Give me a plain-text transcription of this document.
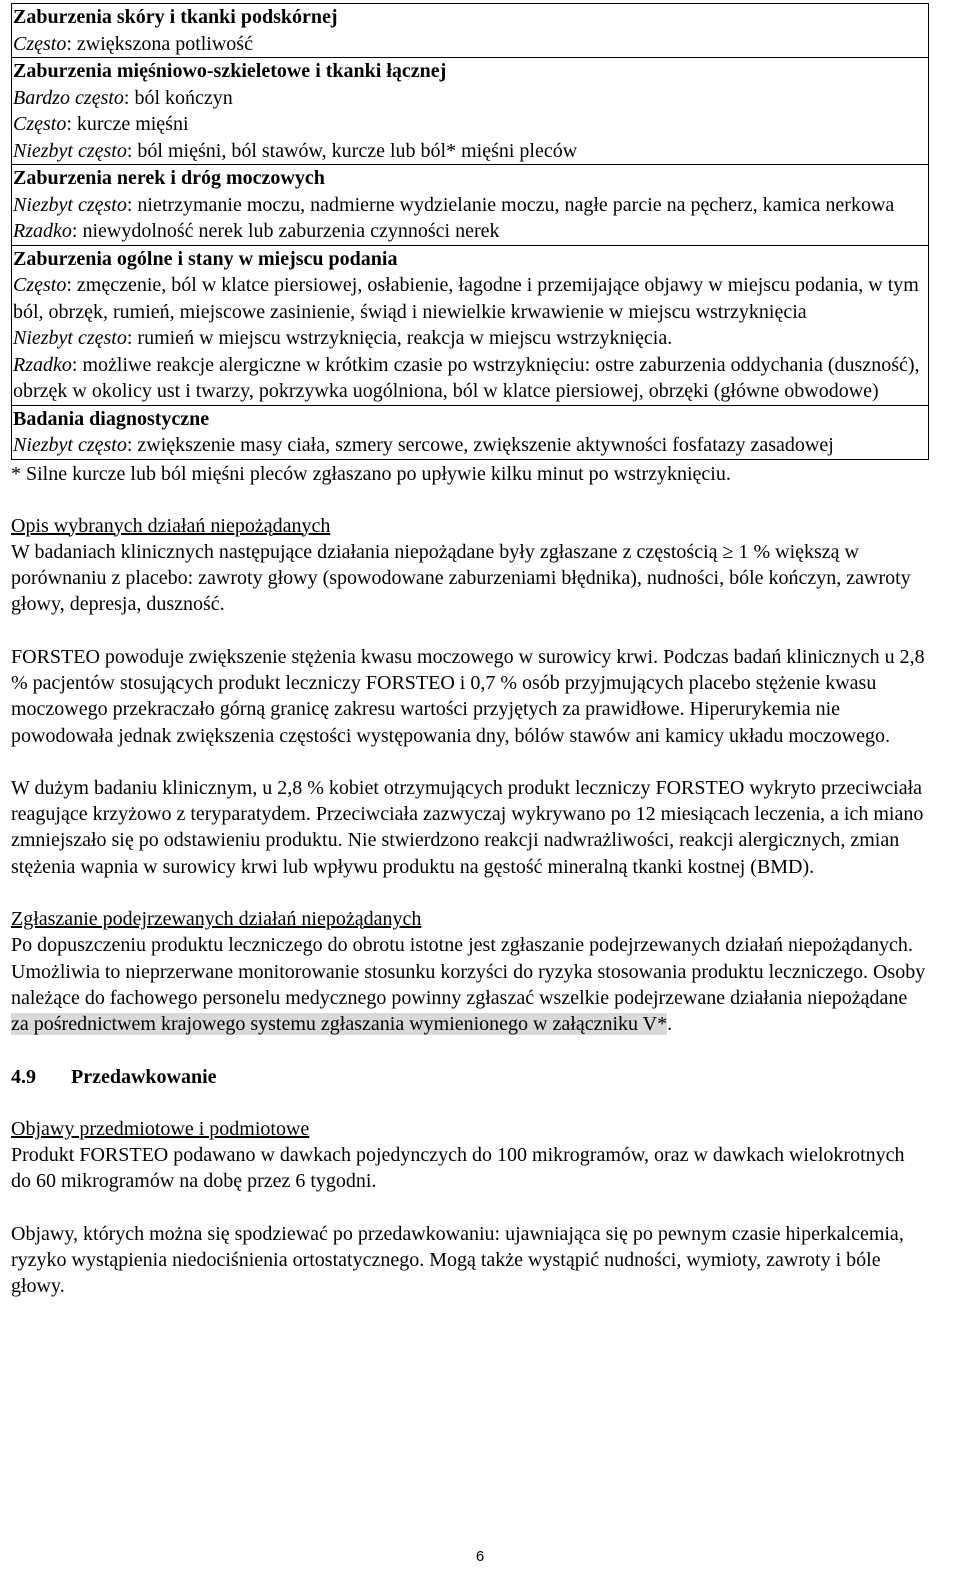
Zaburzenia skóry i tkanki podskórnej
Często: zwiększona potliwość

Zaburzenia mięśniowo-szkieletowe i tkanki łącznej
Bardzo często: ból kończyn
Często: kurcze mięśni
Niezbyt często: ból mięśni, ból stawów, kurcze lub ból* mięśni pleców

Zaburzenia nerek i dróg moczowych
Niezbyt często: nietrzymanie moczu, nadmierne wydzielanie moczu, nagłe parcie na pęcherz, kamica nerkowa
Rzadko: niewydolność nerek lub zaburzenia czynności nerek

Zaburzenia ogólne i stany w miejscu podania
Często: zmęczenie, ból w klatce piersiowej, osłabienie, łagodne i przemijające objawy w miejscu podania, w tym ból, obrzęk, rumień, miejscowe zasinienie, świąd i niewielkie krwawienie w miejscu wstrzyknięcia
Niezbyt często: rumień w miejscu wstrzyknięcia, reakcja w miejscu wstrzyknięcia.
Rzadko: możliwe reakcje alergiczne w krótkim czasie po wstrzyknięciu: ostre zaburzenia oddychania (duszność), obrzęk w okolicy ust i twarzy, pokrzywka uogólniona, ból w klatce piersiowej, obrzęki (główne obwodowe)

Badania diagnostyczne
Niezbyt często: zwiększenie masy ciała, szmery sercowe, zwiększenie aktywności fosfatazy zasadowej

* Silne kurcze lub ból mięśni pleców zgłaszano po upływie kilku minut po wstrzyknięciu.

Opis wybranych działań niepożądanych

W badaniach klinicznych następujące działania niepożądane były zgłaszane z częstością ≥ 1 % większą w porównaniu z placebo: zawroty głowy (spowodowane zaburzeniami błędnika), nudności, bóle kończyn, zawroty głowy, depresja, duszność.

FORSTEO powoduje zwiększenie stężenia kwasu moczowego w surowicy krwi. Podczas badań klinicznych u 2,8 % pacjentów stosujących produkt leczniczy FORSTEO i 0,7 % osób przyjmujących placebo stężenie kwasu moczowego przekraczało górną granicę zakresu wartości przyjętych za prawidłowe. Hiperurykemia nie powodowała jednak zwiększenia częstości występowania dny, bólów stawów ani kamicy układu moczowego.

W dużym badaniu klinicznym, u 2,8 % kobiet otrzymujących produkt leczniczy FORSTEO wykryto przeciwciała reagujące krzyżowo z teryparatydem. Przeciwciała zazwyczaj wykrywano po 12 miesiącach leczenia, a ich miano zmniejszało się po odstawieniu produktu. Nie stwierdzono reakcji nadwrażliwości, reakcji alergicznych, zmian stężenia wapnia w surowicy krwi lub wpływu produktu na gęstość mineralną tkanki kostnej (BMD).

Zgłaszanie podejrzewanych działań niepożądanych

Po dopuszczeniu produktu leczniczego do obrotu istotne jest zgłaszanie podejrzewanych działań niepożądanych. Umożliwia to nieprzerwane monitorowanie stosunku korzyści do ryzyka stosowania produktu leczniczego. Osoby należące do fachowego personelu medycznego powinny zgłaszać wszelkie podejrzewane działania niepożądane za pośrednictwem krajowego systemu zgłaszania wymienionego w załączniku V*.

4.9	Przedawkowanie

Objawy przedmiotowe i podmiotowe

Produkt FORSTEO podawano w dawkach pojedynczych do 100 mikrogramów, oraz w dawkach wielokrotnych do 60 mikrogramów na dobę przez 6 tygodni.

Objawy, których można się spodziewać po przedawkowaniu: ujawniająca się po pewnym czasie hiperkalcemia, ryzyko wystąpienia niedociśnienia ortostatycznego. Mogą także wystąpić nudności, wymioty, zawroty i bóle głowy.

6
